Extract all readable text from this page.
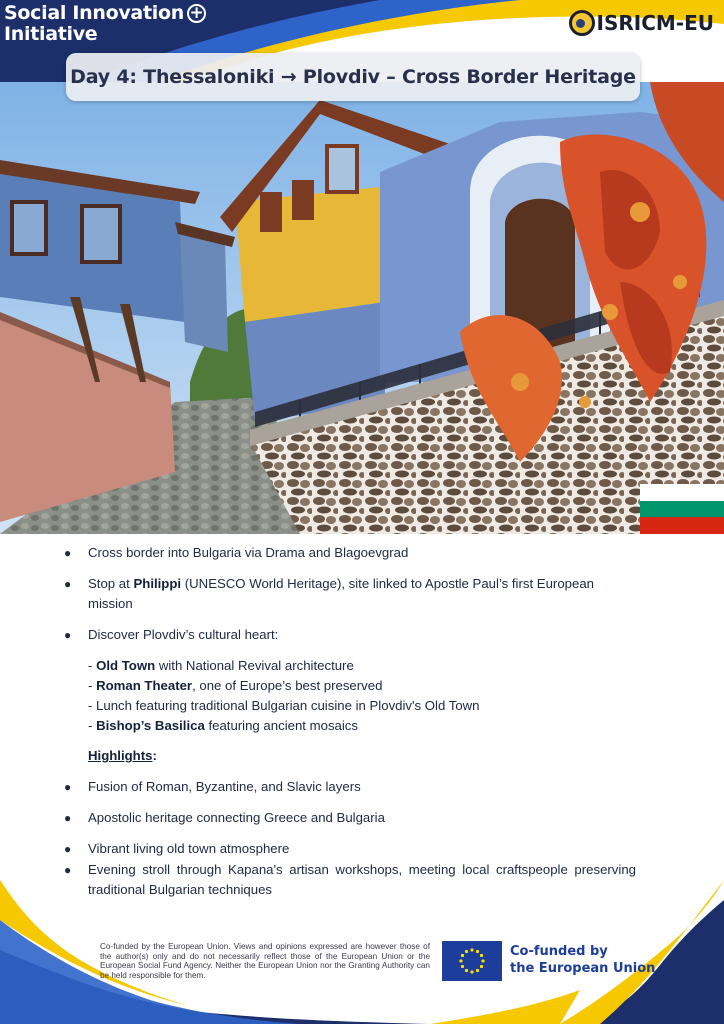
Social Innovation +
Initiative	ISRICM-EU
Day 4: Thessaloniki → Plovdiv – Cross Border Heritage
●	Cross border into Bulgaria via Drama and Blagoevgrad
●	Stop at Philippi (UNESCO World Heritage), site linked to Apostle Paul’s first European mission
●	Discover Plovdiv’s cultural heart:
- Old Town with National Revival architecture
- Roman Theater, one of Europe’s best preserved
- Lunch featuring traditional Bulgarian cuisine in Plovdiv's Old Town
- Bishop’s Basilica featuring ancient mosaics
Highlights:
●	Fusion of Roman, Byzantine, and Slavic layers
●	Apostolic heritage connecting Greece and Bulgaria
●	Vibrant living old town atmosphere
●	Evening stroll through Kapana's artisan workshops, meeting local craftspeople preserving traditional Bulgarian techniques
Co-funded by the European Union. Views and opinions expressed are however those of the author(s) only and do not necessarily reflect those of the European Union or the European Social Fund Agency. Neither the European Union nor the Granting Authority can be held responsible for them.
Co-funded by
the European Union
